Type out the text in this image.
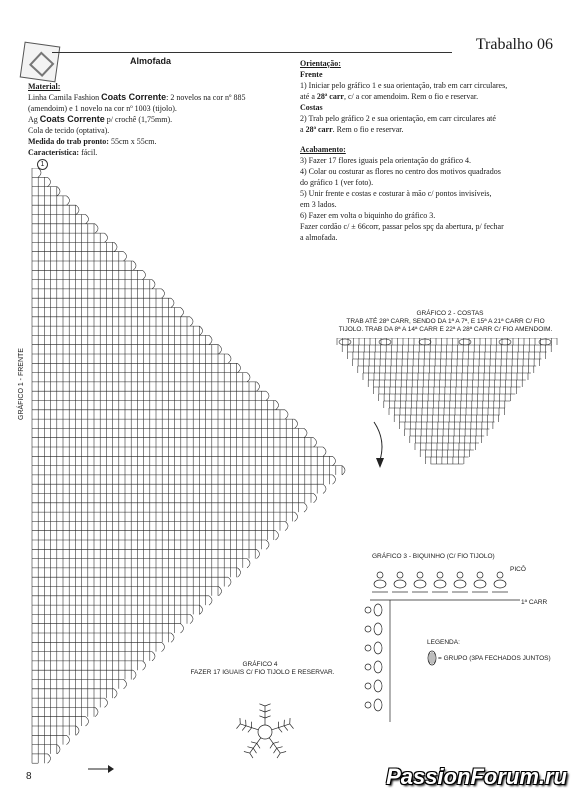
Trabalho 06
Almofada
Material:
Linha Camila Fashion Coats Corrente: 2 novelos na cor nº 885
(amendoim) e 1 novelo na cor nº 1003 (tijolo).
Ag Coats Corrente p/ crochê (1,75mm).
Cola de tecido (optativa).
Medida do trab pronto: 55cm x 55cm.
Característica: fácil.

Orientação:

Frente

1) Iniciar pelo gráfico 1 e sua orientação, trab em carr circulares,

até a 28ª carr, c/ a cor amendoim. Rem o fio e reservar.

Costas

2) Trab pelo gráfico 2 e sua orientação, em carr circulares até

a 28ª carr. Rem o fio e reservar.

Acabamento:

3) Fazer 17 flores iguais pela orientação do gráfico 4.

4) Colar ou costurar as flores no centro dos motivos quadrados

do gráfico 1 (ver foto).

5) Unir frente e costas e costurar à mão c/ pontos invisíveis,

em 3 lados.

6) Fazer em volta o biquinho do gráfico 3.

Fazer cordão c/ ± 66corr, passar pelos spç da abertura, p/ fechar

a almofada.

1
GRÁFICO 1 - FRENTE
GRÁFICO 2 - COSTAS
TRAB ATÉ 28ª CARR, SENDO DA 1ª A 7ª, E 15ª A 21ª CARR C/ FIO
TIJOLO. TRAB DA 8ª A 14ª CARR E 22ª A 28ª CARR C/ FIO AMENDOIM.
GRÁFICO 3 - BIQUINHO (C/ FIO TIJOLO)
PICÔ
1ª CARR
LEGENDA:
= GRUPO (3PA FECHADOS JUNTOS)
GRÁFICO 4
FAZER 17 IGUAIS C/ FIO TIJOLO E RESERVAR.
8	PassionForum.ru
